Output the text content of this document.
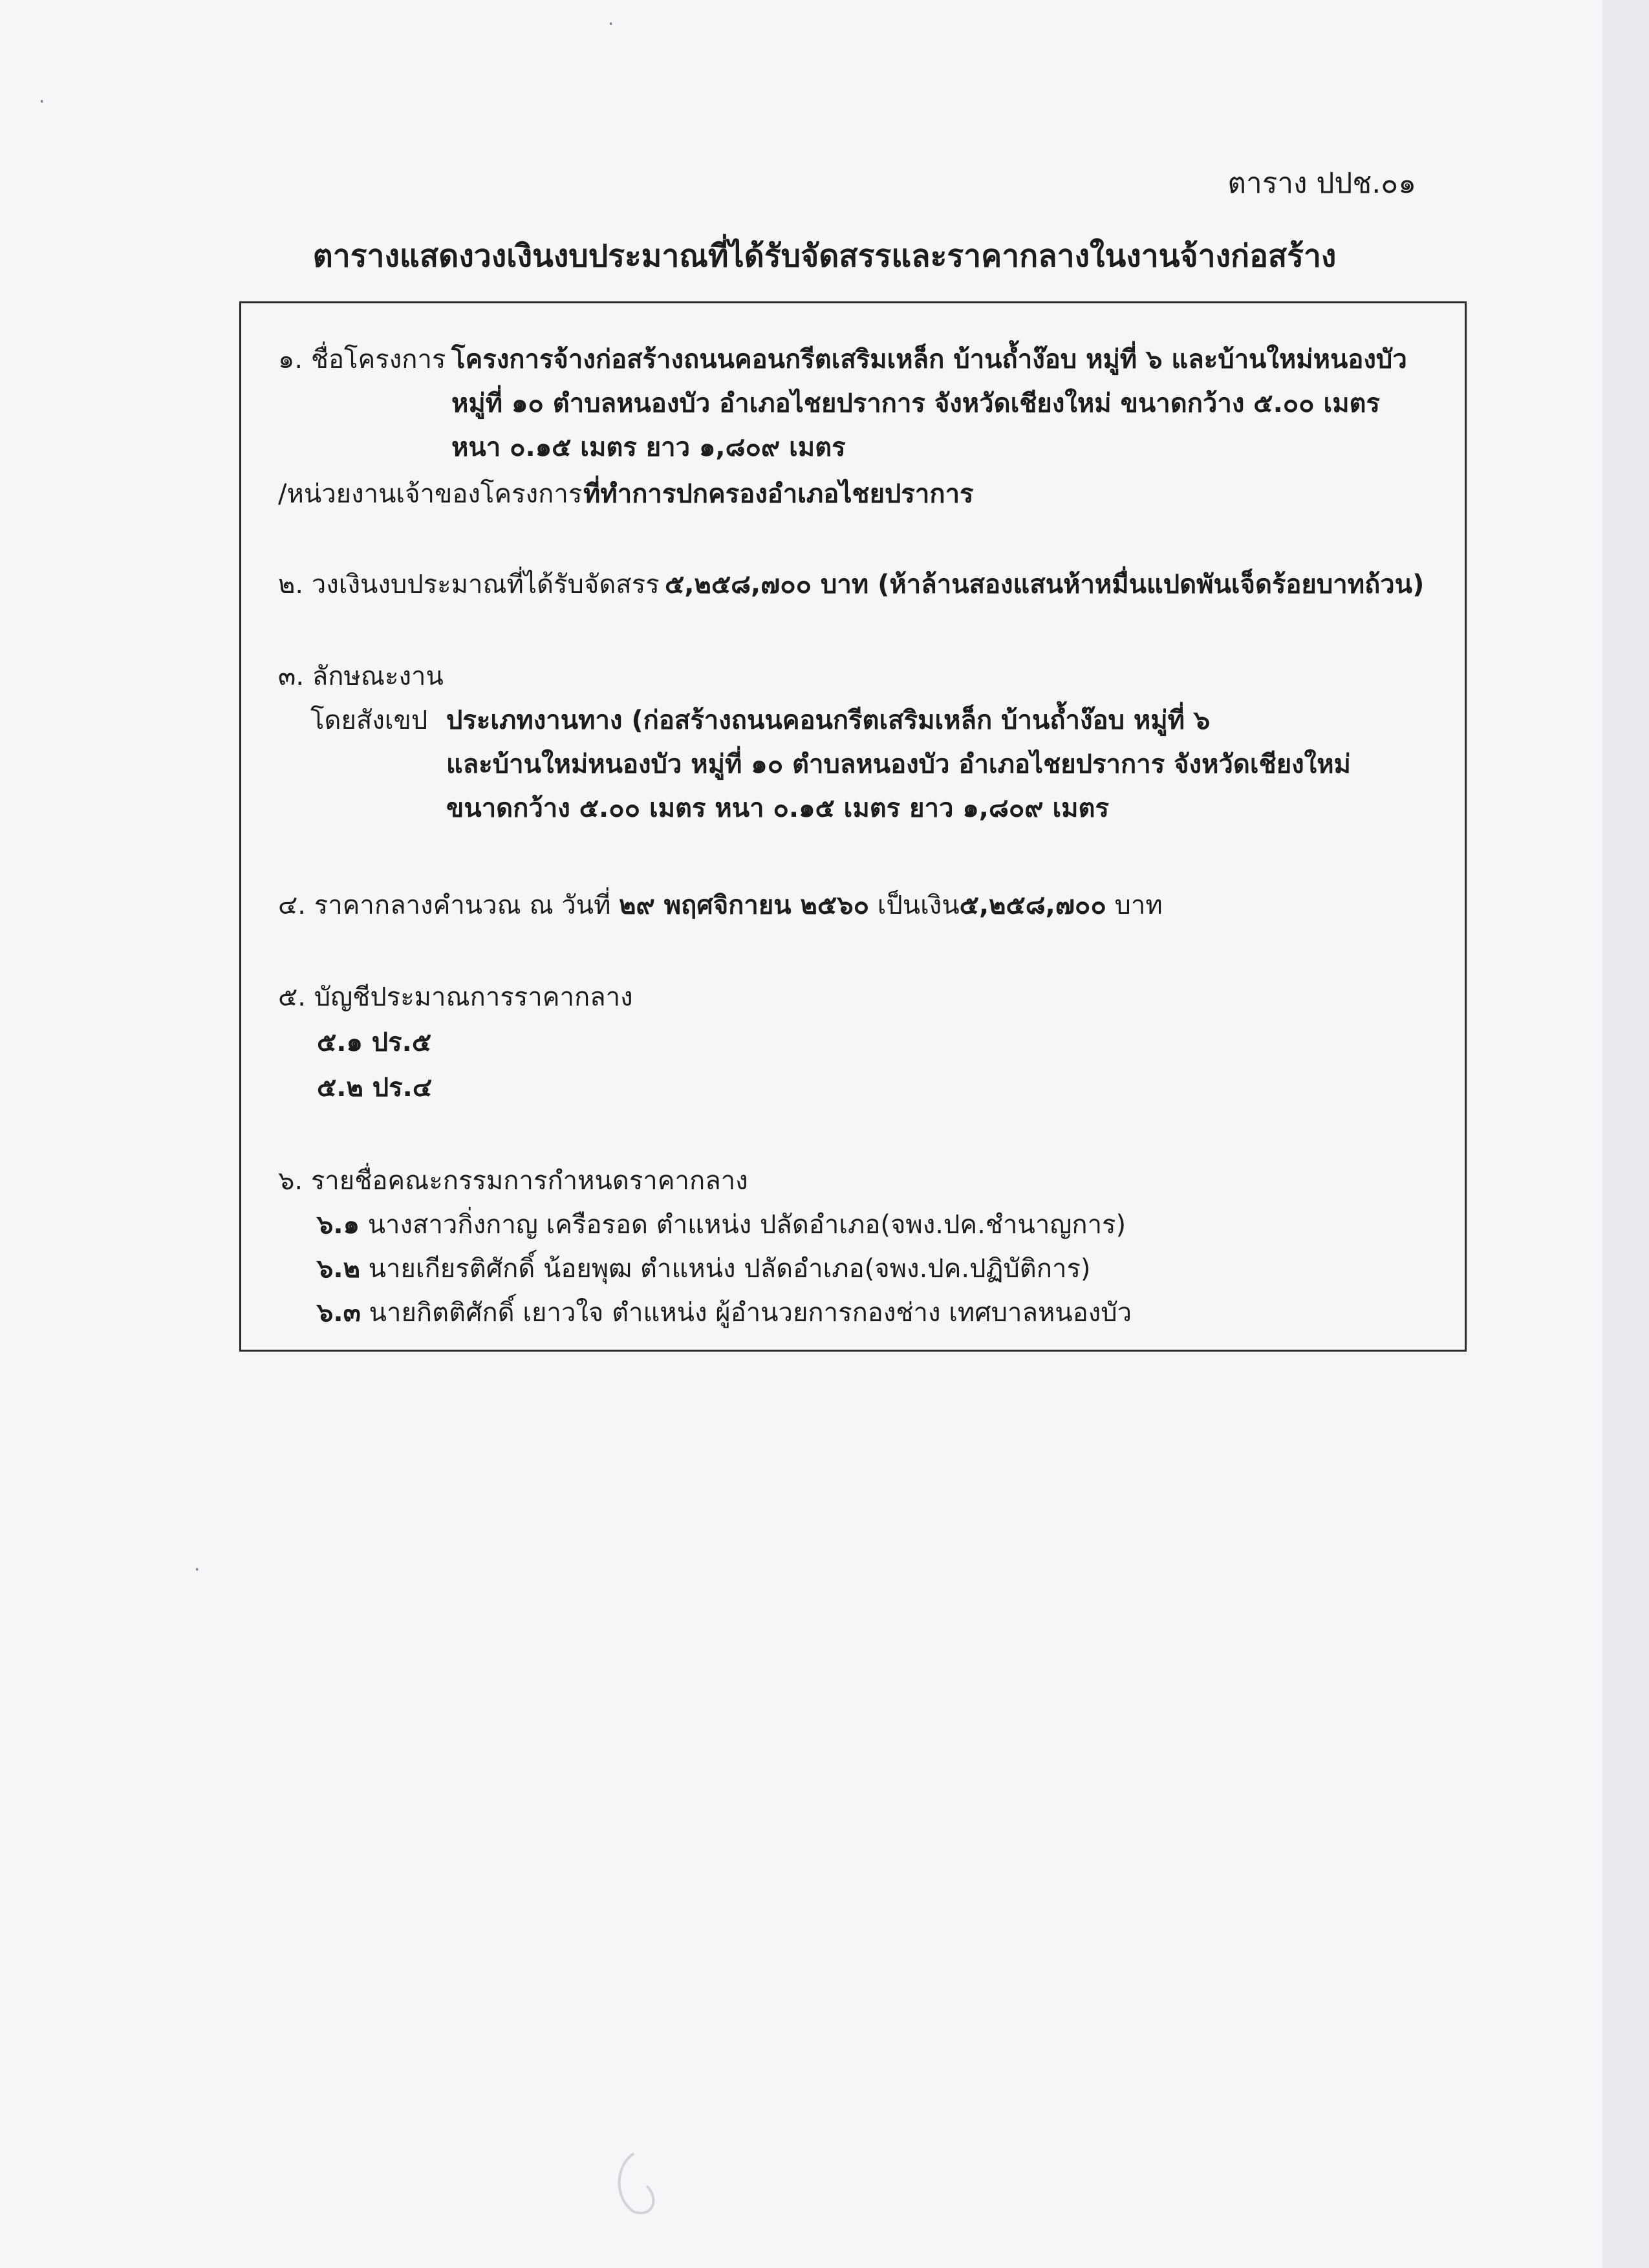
ตาราง ปปช.๐๑
ตารางแสดงวงเงินงบประมาณที่ได้รับจัดสรรและราคากลางในงานจ้างก่อสร้าง
๑. ชื่อโครงการ โครงการจ้างก่อสร้างถนนคอนกรีตเสริมเหล็ก บ้านถ้ำง๊อบ หมู่ที่ ๖ และบ้านใหม่หนองบัว
หมู่ที่ ๑๐ ตำบลหนองบัว อำเภอไชยปราการ จังหวัดเชียงใหม่ ขนาดกว้าง ๕.๐๐ เมตร
หนา ๐.๑๕ เมตร ยาว ๑,๘๐๙ เมตร
/หน่วยงานเจ้าของโครงการ ที่ทำการปกครองอำเภอไชยปราการ
๒. วงเงินงบประมาณที่ได้รับจัดสรร ๕,๒๕๘,๗๐๐ บาท (ห้าล้านสองแสนห้าหมื่นแปดพันเจ็ดร้อยบาทถ้วน)
๓. ลักษณะงาน
โดยสังเขป ประเภทงานทาง (ก่อสร้างถนนคอนกรีตเสริมเหล็ก บ้านถ้ำง๊อบ หมู่ที่ ๖
และบ้านใหม่หนองบัว หมู่ที่ ๑๐ ตำบลหนองบัว อำเภอไชยปราการ จังหวัดเชียงใหม่
ขนาดกว้าง ๕.๐๐ เมตร หนา ๐.๑๕ เมตร ยาว ๑,๘๐๙ เมตร
๔. ราคากลางคำนวณ ณ วันที่ ๒๙ พฤศจิกายน ๒๕๖๐ เป็นเงิน๕,๒๕๘,๗๐๐ บาท
๕. บัญชีประมาณการราคากลาง
๕.๑ ปร.๕
๕.๒ ปร.๔
๖. รายชื่อคณะกรรมการกำหนดราคากลาง
๖.๑ นางสาวกิ่งกาญ เครือรอด ตำแหน่ง ปลัดอำเภอ(จพง.ปค.ชำนาญการ)
๖.๒ นายเกียรติศักดิ์ น้อยพุฒ ตำแหน่ง ปลัดอำเภอ(จพง.ปค.ปฏิบัติการ)
๖.๓ นายกิตติศักดิ์ เยาวใจ ตำแหน่ง ผู้อำนวยการกองช่าง เทศบาลหนองบัว
·
·
·
